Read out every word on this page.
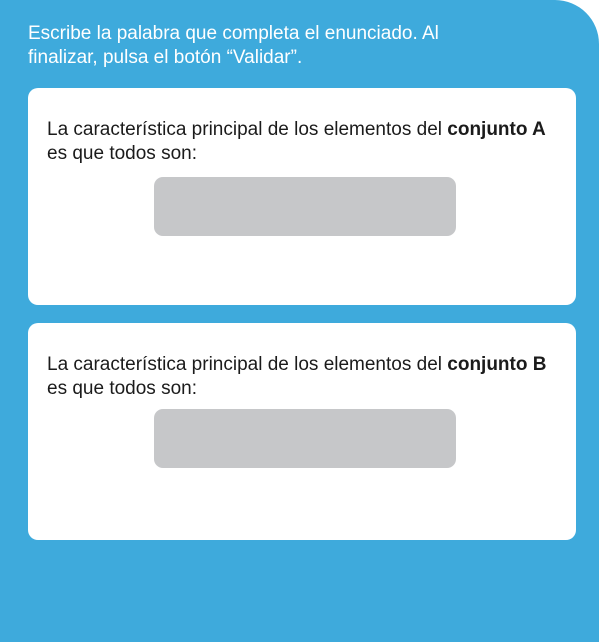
Escribe la palabra que completa el enunciado. Al finalizar, pulsa el botón “Validar”.
La característica principal de los elementos del conjunto A es que todos son:
La característica principal de los elementos del conjunto B es que todos son:
